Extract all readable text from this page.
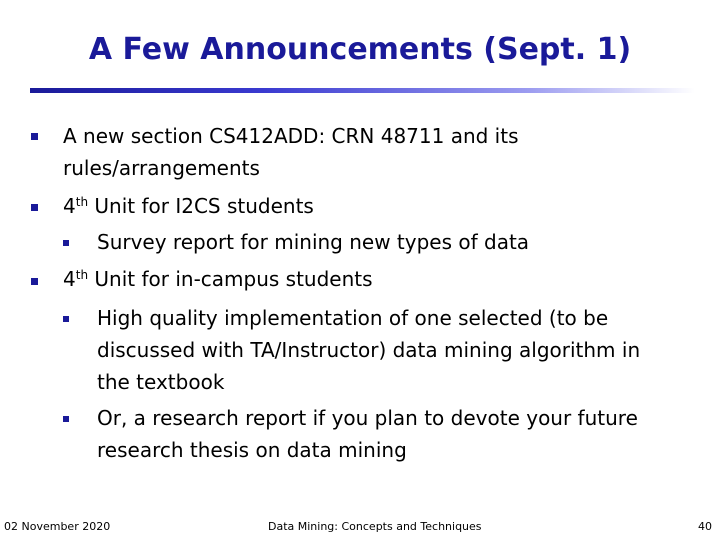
A Few Announcements (Sept. 1)
A new section CS412ADD: CRN 48711 and its
rules/arrangements
4th Unit for I2CS students
Survey report for mining new types of data
4th Unit for in-campus students
High quality implementation of one selected (to be
discussed with TA/Instructor) data mining algorithm in
the textbook
Or, a research report if you plan to devote your future
research thesis on data mining
02 November 2020	Data Mining: Concepts and Techniques	40
